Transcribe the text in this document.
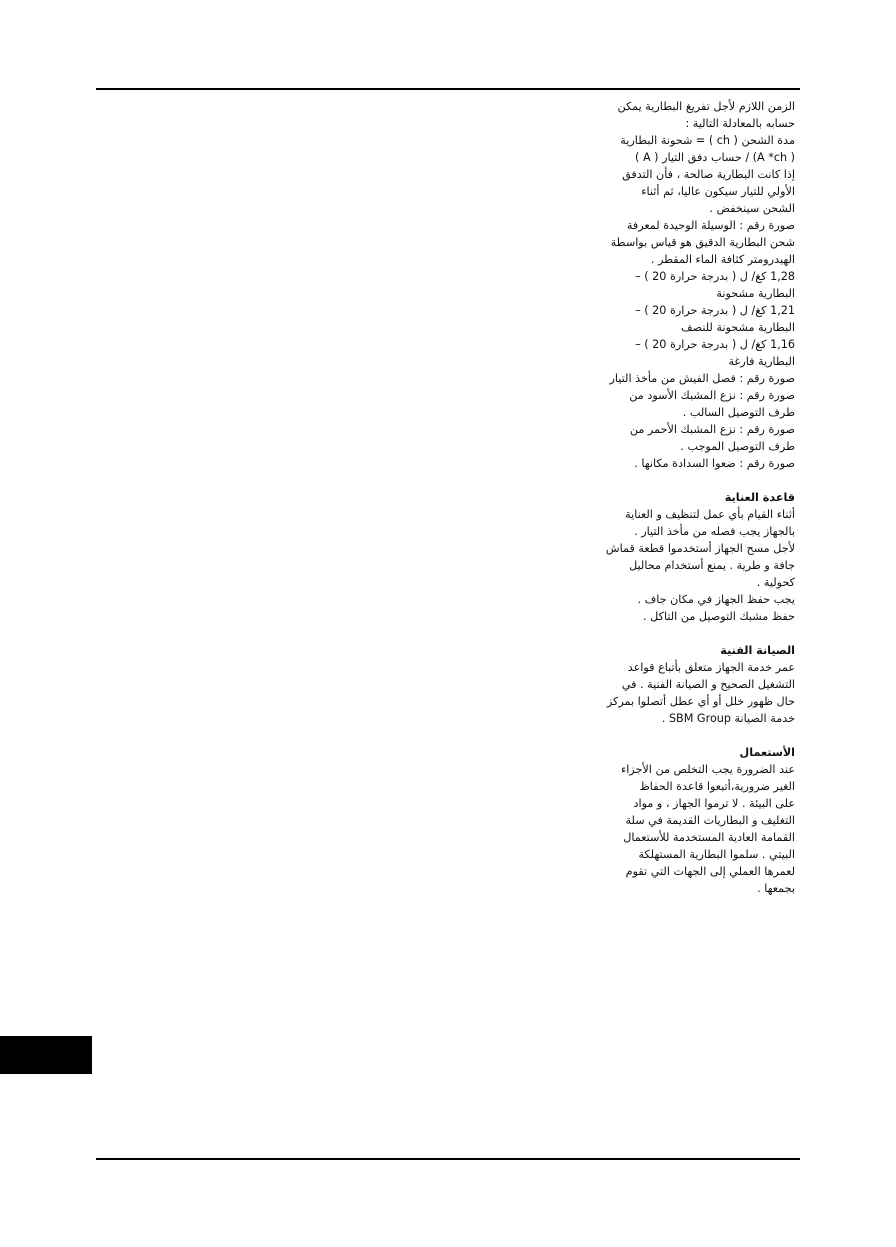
الزمن اللازم لأجل تفريغ البطارية يمكن
حسابه بالمعادلة التالية :
مدة الشحن ( ch ) = شحونة البطارية
( A *ch) / حساب دفق التيار ( A )
إذا كانت البطارية صالحة ، فأن التدفق
الأولي للتيار سيكون عاليا، ثم أثناء
الشحن سينخفض .
صورة رقم : الوسيلة الوحيدة لمعرفة
شحن البطارية الدقيق هو قياس بواسطة
الهيدرومتر كثافة الماء المقطر .
1,28 كغ/ ل ( بدرجة حرارة 20 ) –
البطارية مشحونة
1,21 كغ/ ل ( بدرجة حرارة 20 ) –
البطارية مشحونة للنصف
1,16 كغ/ ل ( بدرجة حرارة 20 ) –
البطارية فارغة
صورة رقم : فصل الفيش من مأخذ التيار
صورة رقم : نزع المشبك الأسود من
طرف التوصيل السالب .
صورة رقم : نزع المشبك الأحمر من
طرف التوصيل الموجب .
صورة رقم : ضعوا السدادة مكانها .
قاعدة العناية
أثناء القيام بأي عمل لتنظيف و العناية
بالجهاز يجب فصله من مأخذ التيار .
لأجل مسح الجهاز أستخدموا قطعة قماش
جافة و طرية . يمنع أستخدام محاليل
كحولية .
يجب حفظ الجهاز في مكان جاف .
حفظ مشبك التوصيل من التاكل .
الصيانة الفنية
عمر خدمة الجهاز متعلق بأتباع قواعد
التشغيل الصحيح و الصيانة الفنية . في
حال ظهور خلل أو أي عطل أتصلوا بمركز
خدمة الصيانة SBM Group .
الأستعمال
عند الضرورة يجب التخلص من الأجزاء
الغير ضرورية،أتبعوا قاعدة الحفاظ
على البيئة . لا ترموا الجهاز ، و مواد
التغليف و البطاريات القديمة في سلة
القمامة العادية المستخدمة للأستعمال
البيتي . سلموا البطارية المستهلكة
لعمرها العملي إلى الجهات التي تقوم
بجمعها .
